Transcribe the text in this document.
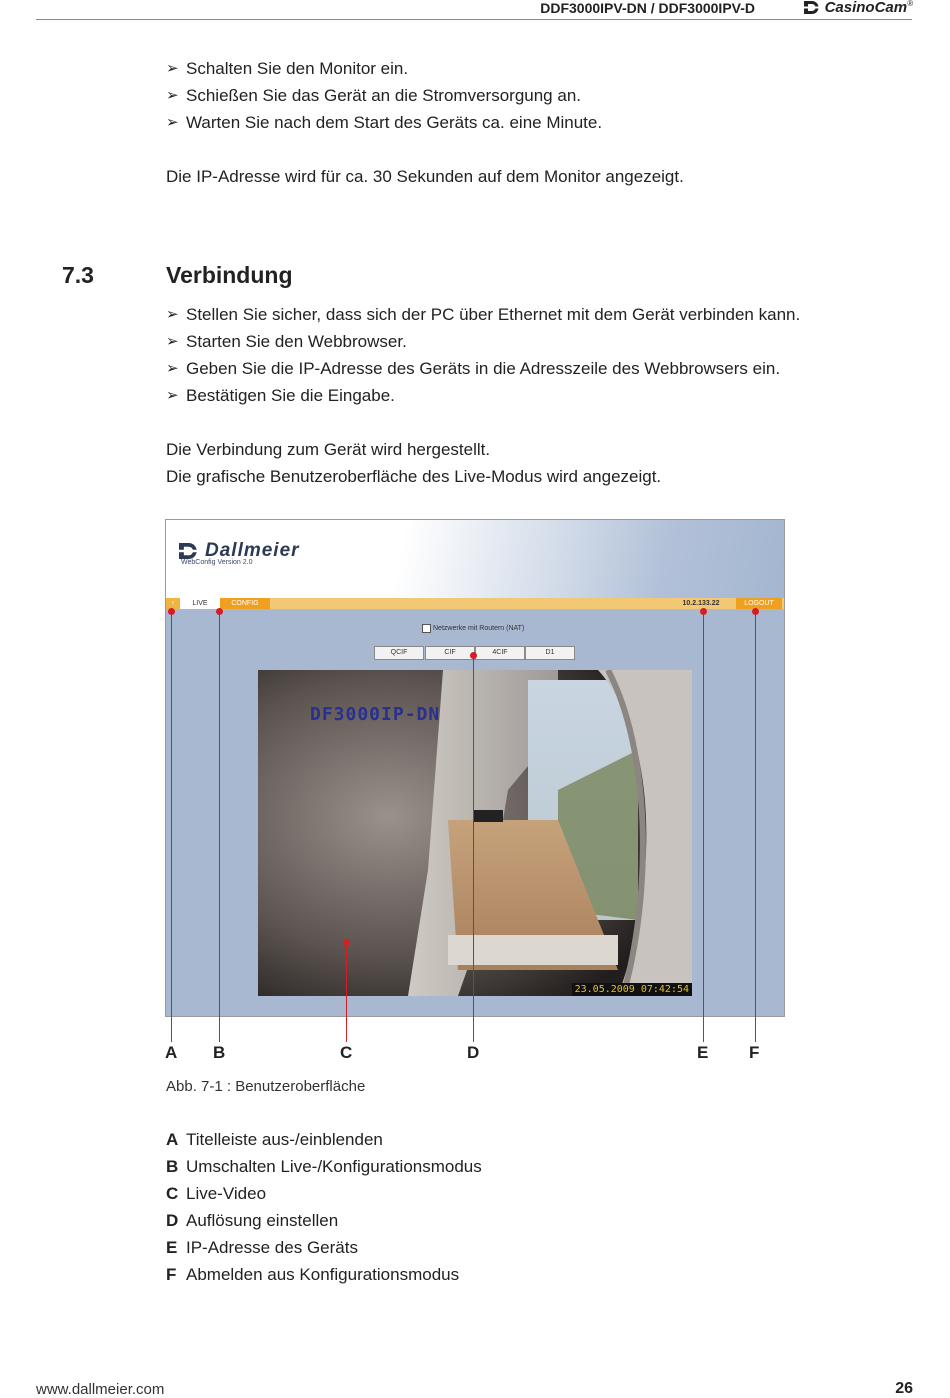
DDF3000IPV-DN / DDF3000IPV-D	CasinoCam®
➢ Schalten Sie den Monitor ein.
➢ Schießen Sie das Gerät an die Stromversorgung an.
➢ Warten Sie nach dem Start des Geräts ca. eine Minute.
Die IP-Adresse wird für ca. 30 Sekunden auf dem Monitor angezeigt.
7.3	Verbindung
➢ Stellen Sie sicher, dass sich der PC über Ethernet mit dem Gerät verbinden kann.
➢ Starten Sie den Webbrowser.
➢ Geben Sie die IP-Adresse des Geräts in die Adresszeile des Webbrowsers ein.
➢ Bestätigen Sie die Eingabe.
Die Verbindung zum Gerät wird hergestellt.
Die grafische Benutzeroberfläche des Live-Modus wird angezeigt.
Dallmeier
WebConfig Version 2.0
↑	LIVE	CONFIG	10.2.133.22	LOGOUT
Netzwerke mit Routern (NAT)
QCIF	CIF	4CIF	D1
DF3000IP-DN
23.05.2009 07:42:54
A B	C	D	E F
Abb. 7-1 : Benutzeroberfläche
A Titelleiste aus-/einblenden
B Umschalten Live-/Konfigurationsmodus
C Live-Video
D Auflösung einstellen
E IP-Adresse des Geräts
F Abmelden aus Konfigurationsmodus
www.dallmeier.com	26
